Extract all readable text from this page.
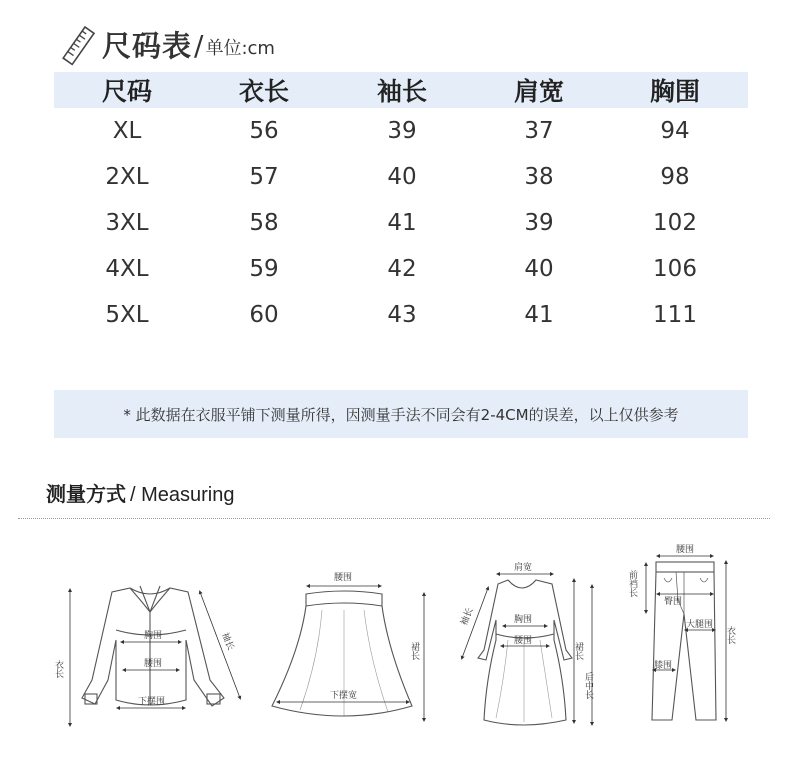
尺码表 / 单位:cm
尺码	衣长	袖长	肩宽	胸围
XL	56	39	37	94
2XL	57	40	38	98
3XL	58	41	39	102
4XL	59	42	40	106
5XL	60	43	41	111
* 此数据在衣服平铺下测量所得，因测量手法不同会有2-4CM的误差，以上仅供参考
测量方式 / Measuring
衣长
胸围
腰围
下摆围
袖长
腰围
裙长
下摆宽
肩宽
胸围
腰围
袖长
裙长
后中长
腰围
前裆长
臀围
大腿围
膝围
衣长
